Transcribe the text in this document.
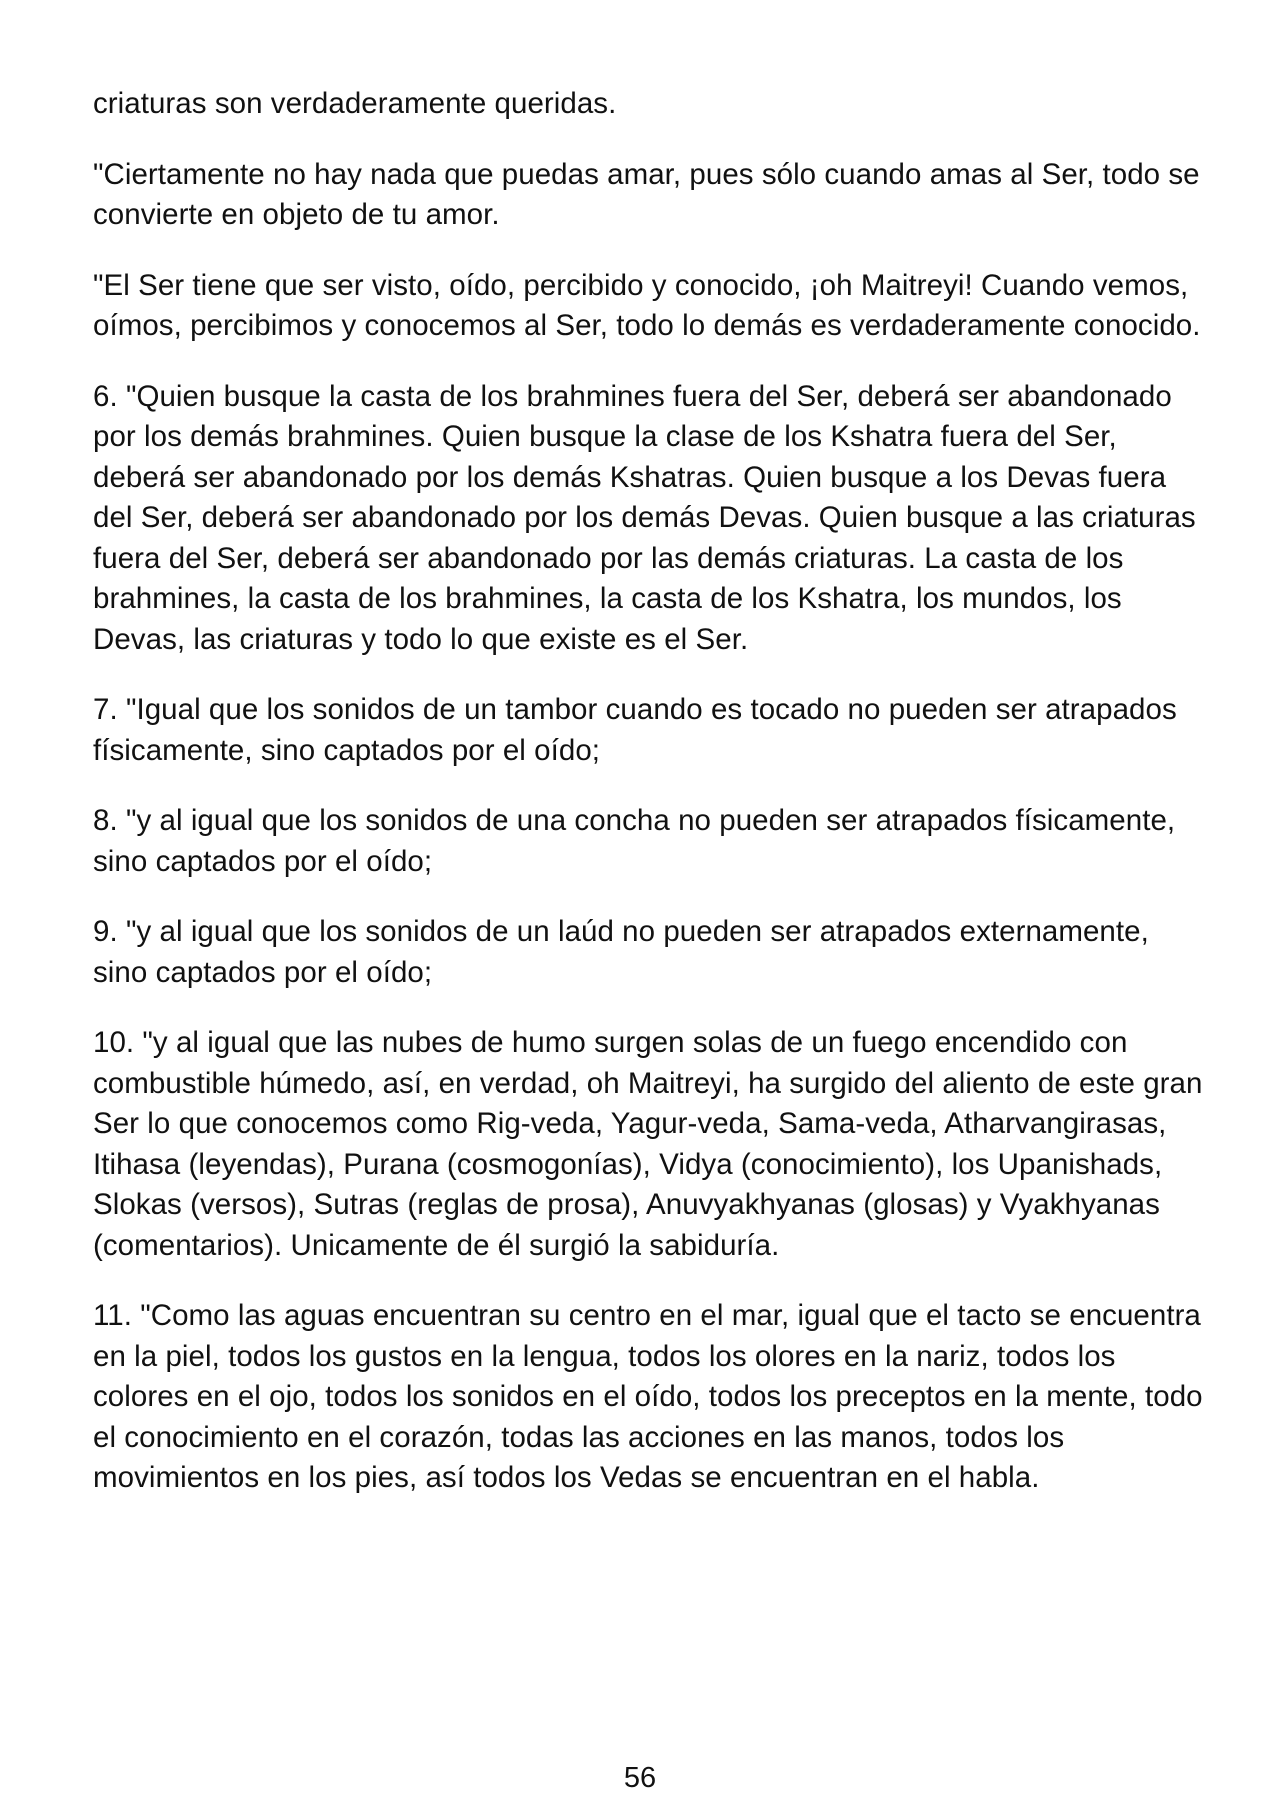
criaturas son verdaderamente queridas.

"Ciertamente no hay nada que puedas amar, pues sólo cuando amas al Ser, todo se convierte en objeto de tu amor.

"El Ser tiene que ser visto, oído, percibido y conocido, ¡oh Maitreyi! Cuando vemos, oímos, percibimos y conocemos al Ser, todo lo demás es verdaderamente conocido.

6. "Quien busque la casta de los brahmines fuera del Ser, deberá ser abandonado por los demás brahmines. Quien busque la clase de los Kshatra fuera del Ser, deberá ser abandonado por los demás Kshatras. Quien busque a los Devas fuera del Ser, deberá ser abandonado por los demás Devas. Quien busque a las criaturas fuera del Ser, deberá ser abandonado por las demás criaturas. La casta de los brahmines, la casta de los brahmines, la casta de los Kshatra, los mundos, los Devas, las criaturas y todo lo que existe es el Ser.

7. "Igual que los sonidos de un tambor cuando es tocado no pueden ser atrapados físicamente, sino captados por el oído;

8. "y al igual que los sonidos de una concha no pueden ser atrapados físicamente, sino captados por el oído;

9. "y al igual que los sonidos de un laúd no pueden ser atrapados externamente, sino captados por el oído;

10. "y al igual que las nubes de humo surgen solas de un fuego encendido con combustible húmedo, así, en verdad, oh Maitreyi, ha surgido del aliento de este gran Ser lo que conocemos como Rig-veda, Yagur-veda, Sama-veda, Atharvangirasas, Itihasa (leyendas), Purana (cosmogonías), Vidya (conocimiento), los Upanishads, Slokas (versos), Sutras (reglas de prosa), Anuvyakhyanas (glosas) y Vyakhyanas (comentarios). Unicamente de él surgió la sabiduría.

11. "Como las aguas encuentran su centro en el mar, igual que el tacto se encuentra en la piel, todos los gustos en la lengua, todos los olores en la nariz, todos los colores en el ojo, todos los sonidos en el oído, todos los preceptos en la mente, todo el conocimiento en el corazón, todas las acciones en las manos, todos los movimientos en los pies, así todos los Vedas se encuentran en el habla.

56
